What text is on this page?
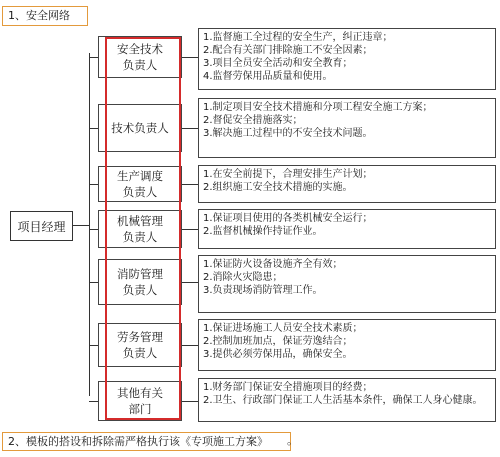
1、安全网络
项目经理
安全技术
负责人
1.监督施工全过程的安全生产，纠正违章；
2.配合有关部门排除施工不安全因素；
3.项目全员安全活动和安全教育；
4.监督劳保用品质量和使用。
技术负责人
1.制定项目安全技术措施和分项工程安全施工方案；
2.督促安全措施落实；
3.解决施工过程中的不安全技术问题。
生产调度
负责人
1.在安全前提下，合理安排生产计划；
2.组织施工安全技术措施的实施。
机械管理
负责人
1.保证项目使用的各类机械安全运行；
2.监督机械操作持证作业。
消防管理
负责人
1.保证防火设备设施齐全有效；
2.消除火灾隐患；
3.负责现场消防管理工作。
劳务管理
负责人
1.保证进场施工人员安全技术素质；
2.控制加班加点，保证劳逸结合；
3.提供必须劳保用品，确保安全。
其他有关
部门
1.财务部门保证安全措施项目的经费；
2.卫生、行政部门保证工人生活基本条件，确保工人身心健康。
2、模板的搭设和拆除需严格执行该《专项施工方案》	。
